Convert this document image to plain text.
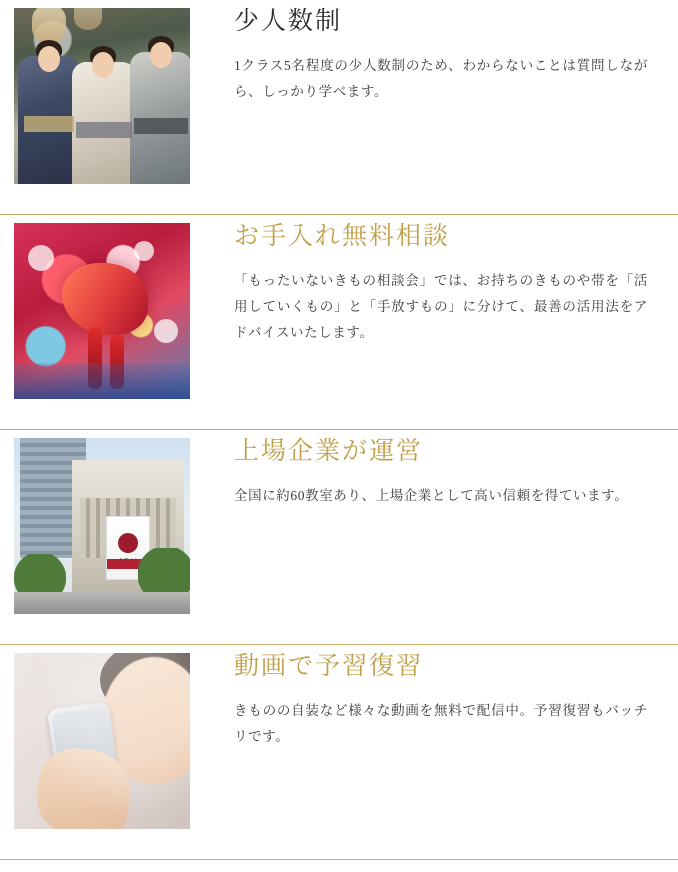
少人数制

1クラス5名程度の少人数制のため、わからないことは質問しながら、しっかり学べます。

お手入れ無料相談

「もったいないきもの相談会」では、お持ちのきものや帯を「活用していくもの」と「手放すもの」に分けて、最善の活用法をアドバイスいたします。

上場企業が運営

全国に約60教室あり、上場企業として高い信頼を得ています。

動画で予習復習

きものの自装など様々な動画を無料で配信中。予習復習もバッチリです。
